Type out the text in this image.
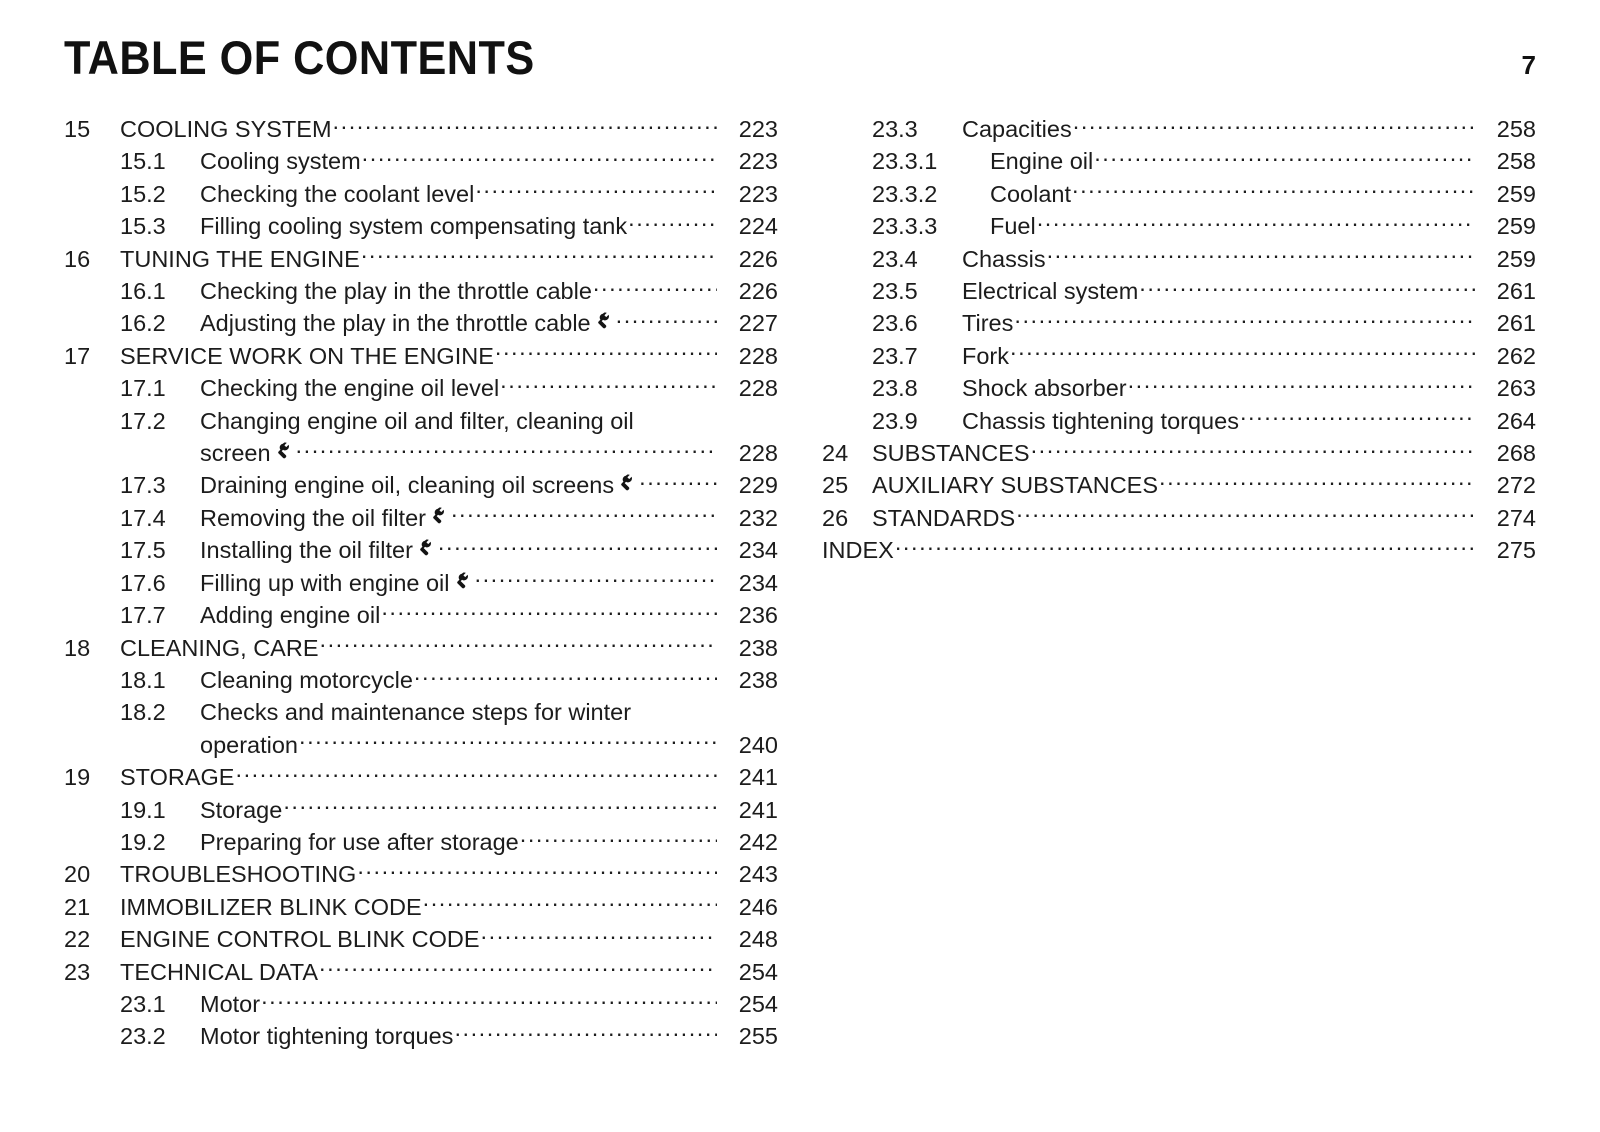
TABLE OF CONTENTS	7
15	COOLING SYSTEM .....	223
15.1	Cooling system .....	223
15.2	Checking the coolant level .....	223
15.3	Filling cooling system compensating tank .....	224
16	TUNING THE ENGINE .....	226
16.1	Checking the play in the throttle cable .....	226
16.2	Adjusting the play in the throttle cable .....	227
17	SERVICE WORK ON THE ENGINE .....	228
17.1	Checking the engine oil level .....	228
17.2	Changing engine oil and filter, cleaning oil
screen .....	228
17.3	Draining engine oil, cleaning oil screens .....	229
17.4	Removing the oil filter .....	232
17.5	Installing the oil filter .....	234
17.6	Filling up with engine oil .....	234
17.7	Adding engine oil .....	236
18	CLEANING, CARE .....	238
18.1	Cleaning motorcycle .....	238
18.2	Checks and maintenance steps for winter
operation .....	240
19	STORAGE .....	241
19.1	Storage .....	241
19.2	Preparing for use after storage .....	242
20	TROUBLESHOOTING .....	243
21	IMMOBILIZER BLINK CODE .....	246
22	ENGINE CONTROL BLINK CODE .....	248
23	TECHNICAL DATA .....	254
23.1	Motor .....	254
23.2	Motor tightening torques .....	255
23.3	Capacities .....	258
23.3.1	Engine oil .....	258
23.3.2	Coolant .....	259
23.3.3	Fuel .....	259
23.4	Chassis .....	259
23.5	Electrical system .....	261
23.6	Tires .....	261
23.7	Fork .....	262
23.8	Shock absorber .....	263
23.9	Chassis tightening torques .....	264
24	SUBSTANCES .....	268
25	AUXILIARY SUBSTANCES .....	272
26	STANDARDS .....	274
INDEX .....	275
